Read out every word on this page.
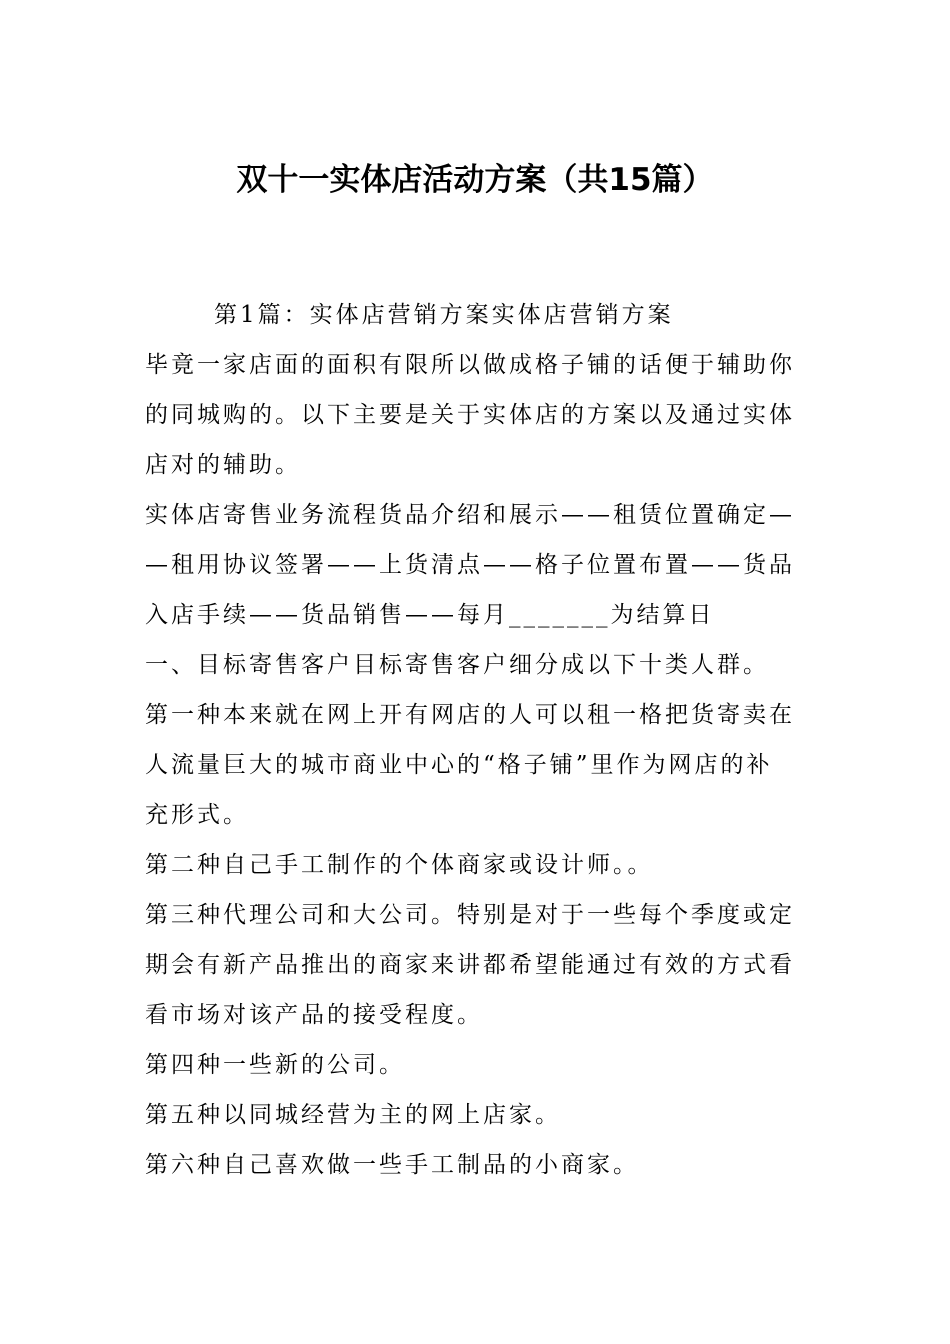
双十一实体店活动方案（共15篇）
第1篇：实体店营销方案实体店营销方案
毕竟一家店面的面积有限所以做成格子铺的话便于辅助你
的同城购的。以下主要是关于实体店的方案以及通过实体
店对的辅助。
实体店寄售业务流程货品介绍和展示——租赁位置确定—
—租用协议签署——上货清点——格子位置布置——货品
入店手续——货品销售——每月_______为结算日
一、目标寄售客户目标寄售客户细分成以下十类人群。
第一种本来就在网上开有网店的人可以租一格把货寄卖在
人流量巨大的城市商业中心的“格子铺”里作为网店的补
充形式。
第二种自己手工制作的个体商家或设计师。。
第三种代理公司和大公司。特别是对于一些每个季度或定
期会有新产品推出的商家来讲都希望能通过有效的方式看
看市场对该产品的接受程度。
第四种一些新的公司。
第五种以同城经营为主的网上店家。
第六种自己喜欢做一些手工制品的小商家。
